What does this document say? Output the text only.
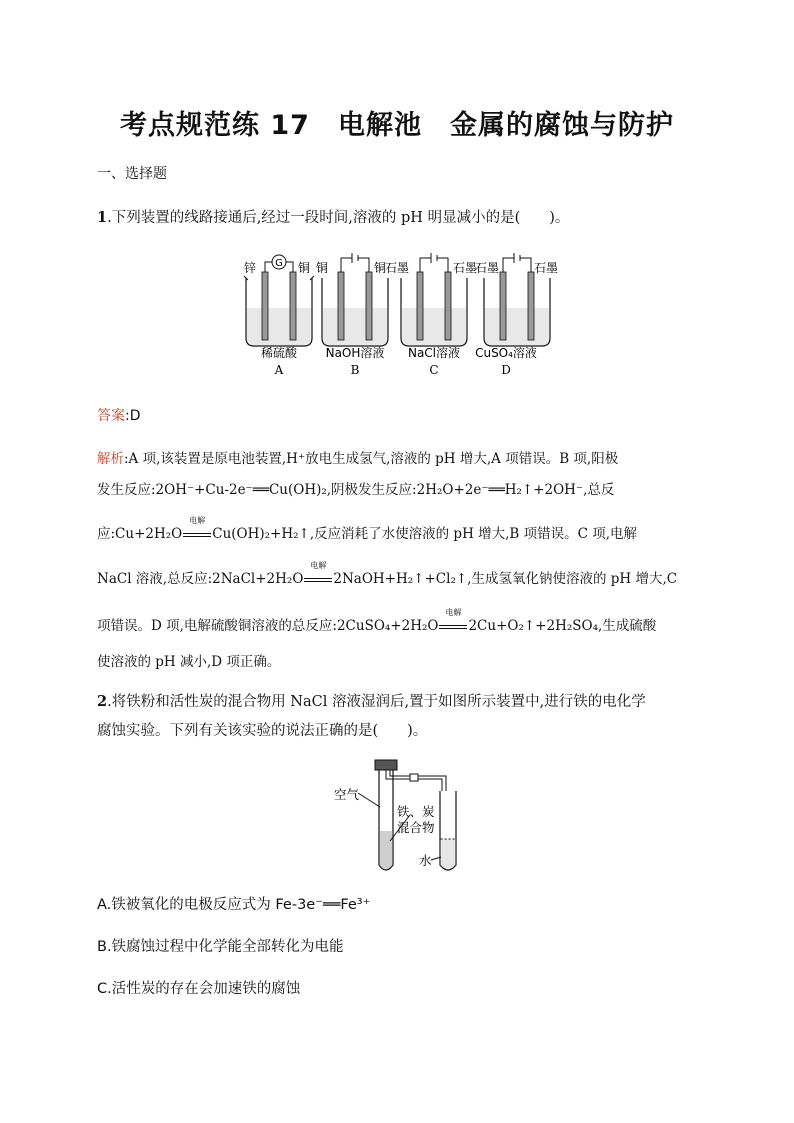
考点规范练 17　电解池　金属的腐蚀与防护
一、选择题
1.下列装置的线路接通后,经过一段时间,溶液的 pH 明显减小的是(　　)。
G
锌	铜
稀硫酸
A
铜	铜
NaOH溶液
B
石墨	石墨
NaCl溶液
C
石墨	石墨
CuSO₄溶液
D
答案:D
解析:A 项,该装置是原电池装置,H⁺放电生成氢气,溶液的 pH 增大,A 项错误。B 项,阳极
发生反应:2OH⁻+Cu-2e⁻══Cu(OH)₂,阴极发生反应:2H₂O+2e⁻══H₂↑+2OH⁻,总反
应:Cu+2H₂O
电解
Cu(OH)₂+H₂↑,反应消耗了水使溶液的 pH 增大,B 项错误。C 项,电解
NaCl 溶液,总反应:2NaCl+2H₂O
电解
2NaOH+H₂↑+Cl₂↑,生成氢氧化钠使溶液的 pH 增大,C
项错误。D 项,电解硫酸铜溶液的总反应:2CuSO₄+2H₂O
电解
2Cu+O₂↑+2H₂SO₄,生成硫酸
使溶液的 pH 减小,D 项正确。
2.将铁粉和活性炭的混合物用 NaCl 溶液湿润后,置于如图所示装置中,进行铁的电化学
腐蚀实验。下列有关该实验的说法正确的是(　　)。
空气
铁、炭
混合物
水
A.铁被氧化的电极反应式为 Fe-3e⁻══Fe³⁺
B.铁腐蚀过程中化学能全部转化为电能
C.活性炭的存在会加速铁的腐蚀
